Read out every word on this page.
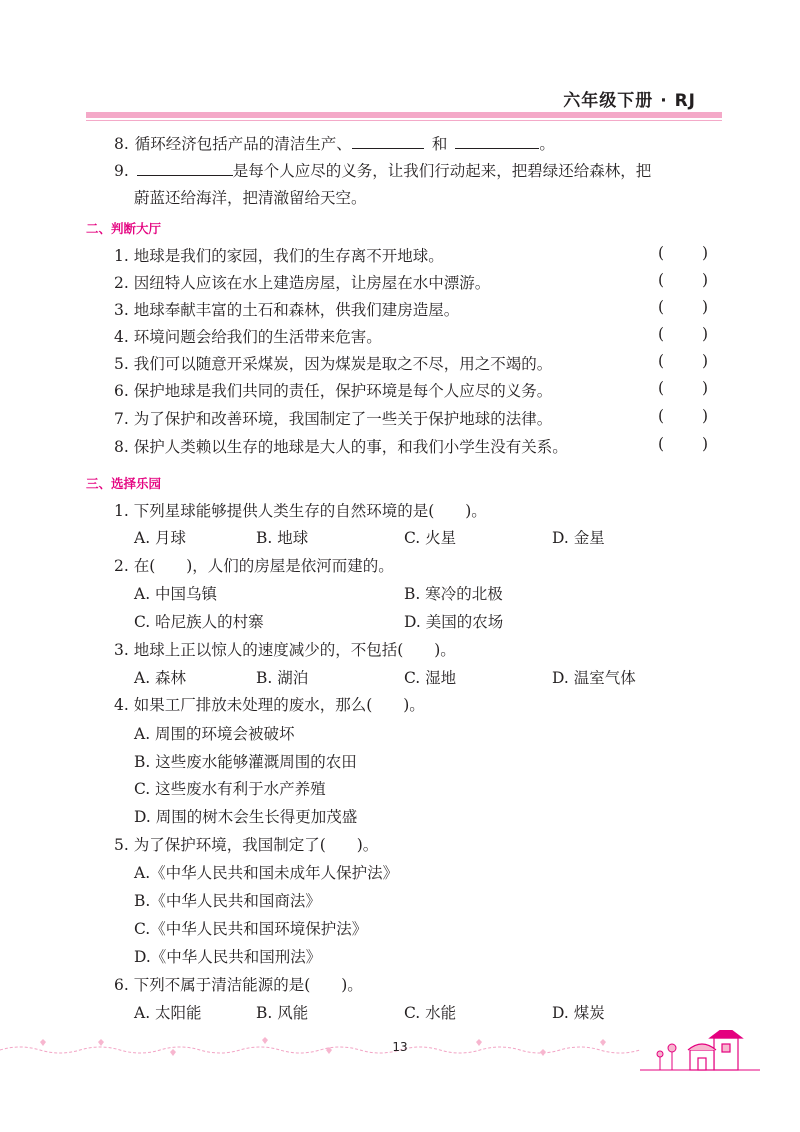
六年级下册 · RJ
8. 循环经济包括产品的清洁生产、	和	。
9.	是每个人应尽的义务，让我们行动起来，把碧绿还给森林，把
蔚蓝还给海洋，把清澈留给天空。
二、判断大厅
1. 地球是我们的家园，我们的生存离不开地球。	( )
2. 因纽特人应该在水上建造房屋，让房屋在水中漂游。	( )
3. 地球奉献丰富的土石和森林，供我们建房造屋。	( )
4. 环境问题会给我们的生活带来危害。	( )
5. 我们可以随意开采煤炭，因为煤炭是取之不尽，用之不竭的。	( )
6. 保护地球是我们共同的责任，保护环境是每个人应尽的义务。	( )
7. 为了保护和改善环境，我国制定了一些关于保护地球的法律。	( )
8. 保护人类赖以生存的地球是大人的事，和我们小学生没有关系。	( )
三、选择乐园
1. 下列星球能够提供人类生存的自然环境的是(　　)。
A. 月球	B. 地球	C. 火星	D. 金星
2. 在(　　)，人们的房屋是依河而建的。
A. 中国乌镇	B. 寒冷的北极
C. 哈尼族人的村寨	D. 美国的农场
3. 地球上正以惊人的速度减少的，不包括(　　)。
A. 森林	B. 湖泊	C. 湿地	D. 温室气体
4. 如果工厂排放未处理的废水，那么(　　)。
A. 周围的环境会被破坏
B. 这些废水能够灌溉周围的农田
C. 这些废水有利于水产养殖
D. 周围的树木会生长得更加茂盛
5. 为了保护环境，我国制定了(　　)。
A.《中华人民共和国未成年人保护法》
B.《中华人民共和国商法》
C.《中华人民共和国环境保护法》
D.《中华人民共和国刑法》
6. 下列不属于清洁能源的是(　　)。
A. 太阳能	B. 风能	C. 水能	D. 煤炭
13
